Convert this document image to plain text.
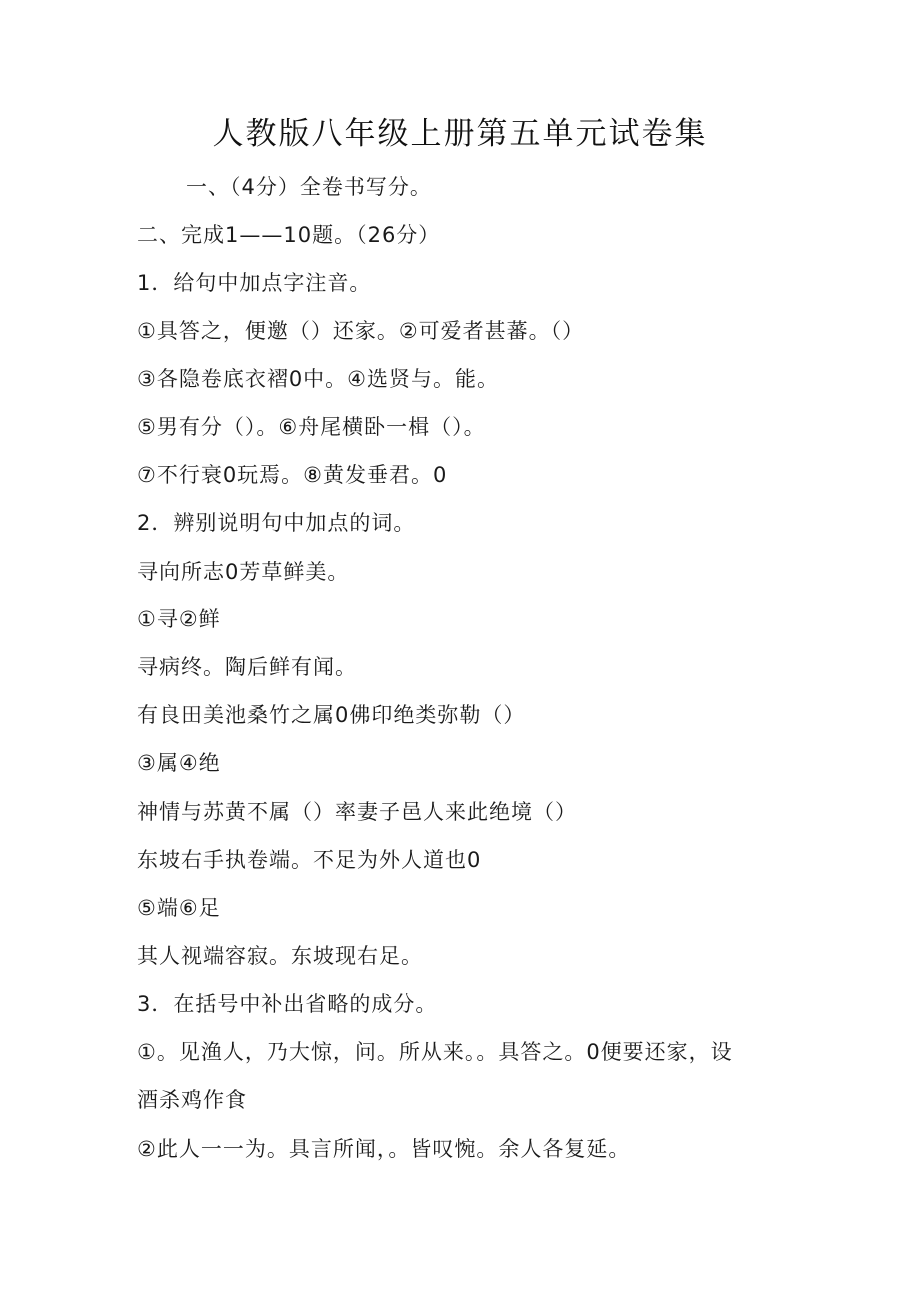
人教版八年级上册第五单元试卷集
一、（4分）全卷书写分。
二、完成1——10题。（26分）
1．给句中加点字注音。
①具答之，便邀（）还家。②可爱者甚蕃。（）
③各隐卷底衣褶0中。④选贤与。能。
⑤男有分（）。⑥舟尾横卧一楫（）。
⑦不行衰0玩焉。⑧黄发垂君。0
2．辨别说明句中加点的词。
寻向所志0芳草鲜美。
①寻②鲜
寻病终。陶后鲜有闻。
有良田美池桑竹之属0佛印绝类弥勒（）
③属④绝
神情与苏黄不属（）率妻子邑人来此绝境（）
东坡右手执卷端。不足为外人道也0
⑤端⑥足
其人视端容寂。东坡现右足。
3．在括号中补出省略的成分。
①。见渔人，乃大惊，问。所从来。。具答之。0便要还家，设
酒杀鸡作食
②此人一一为。具言所闻，。皆叹惋。余人各复延。
